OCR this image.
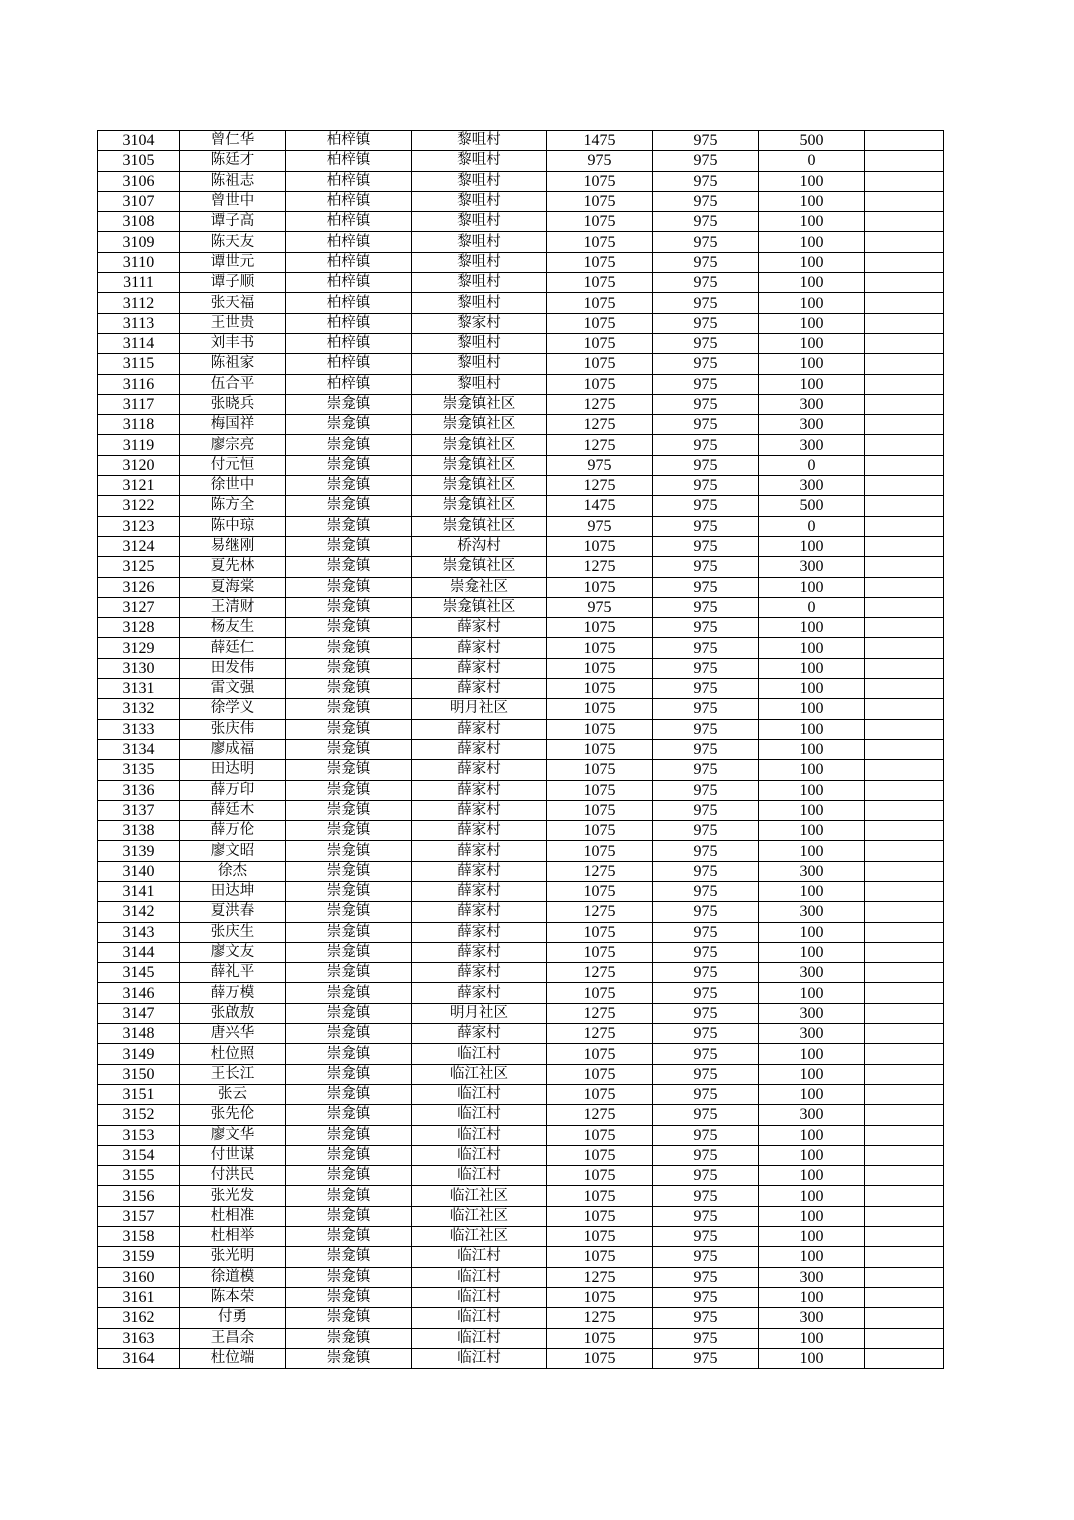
3104	曾仁华	柏梓镇	黎咀村	1475	975	500	
3105	陈廷才	柏梓镇	黎咀村	975	975	0	
3106	陈祖志	柏梓镇	黎咀村	1075	975	100	
3107	曾世中	柏梓镇	黎咀村	1075	975	100	
3108	谭子高	柏梓镇	黎咀村	1075	975	100	
3109	陈天友	柏梓镇	黎咀村	1075	975	100	
3110	谭世元	柏梓镇	黎咀村	1075	975	100	
3111	谭子顺	柏梓镇	黎咀村	1075	975	100	
3112	张天福	柏梓镇	黎咀村	1075	975	100	
3113	王世贵	柏梓镇	黎家村	1075	975	100	
3114	刘丰书	柏梓镇	黎咀村	1075	975	100	
3115	陈祖家	柏梓镇	黎咀村	1075	975	100	
3116	伍合平	柏梓镇	黎咀村	1075	975	100	
3117	张晓兵	崇龛镇	崇龛镇社区	1275	975	300	
3118	梅国祥	崇龛镇	崇龛镇社区	1275	975	300	
3119	廖宗亮	崇龛镇	崇龛镇社区	1275	975	300	
3120	付元恒	崇龛镇	崇龛镇社区	975	975	0	
3121	徐世中	崇龛镇	崇龛镇社区	1275	975	300	
3122	陈方全	崇龛镇	崇龛镇社区	1475	975	500	
3123	陈中琼	崇龛镇	崇龛镇社区	975	975	0	
3124	易继刚	崇龛镇	桥沟村	1075	975	100	
3125	夏先林	崇龛镇	崇龛镇社区	1275	975	300	
3126	夏海棠	崇龛镇	崇龛社区	1075	975	100	
3127	王清财	崇龛镇	崇龛镇社区	975	975	0	
3128	杨友生	崇龛镇	薛家村	1075	975	100	
3129	薛廷仁	崇龛镇	薛家村	1075	975	100	
3130	田发伟	崇龛镇	薛家村	1075	975	100	
3131	雷文强	崇龛镇	薛家村	1075	975	100	
3132	徐学义	崇龛镇	明月社区	1075	975	100	
3133	张庆伟	崇龛镇	薛家村	1075	975	100	
3134	廖成福	崇龛镇	薛家村	1075	975	100	
3135	田达明	崇龛镇	薛家村	1075	975	100	
3136	薛万印	崇龛镇	薛家村	1075	975	100	
3137	薛廷木	崇龛镇	薛家村	1075	975	100	
3138	薛万伦	崇龛镇	薛家村	1075	975	100	
3139	廖文昭	崇龛镇	薛家村	1075	975	100	
3140	徐杰	崇龛镇	薛家村	1275	975	300	
3141	田达坤	崇龛镇	薛家村	1075	975	100	
3142	夏洪春	崇龛镇	薛家村	1275	975	300	
3143	张庆生	崇龛镇	薛家村	1075	975	100	
3144	廖文友	崇龛镇	薛家村	1075	975	100	
3145	薛礼平	崇龛镇	薛家村	1275	975	300	
3146	薛万模	崇龛镇	薛家村	1075	975	100	
3147	张啟敖	崇龛镇	明月社区	1275	975	300	
3148	唐兴华	崇龛镇	薛家村	1275	975	300	
3149	杜位照	崇龛镇	临江村	1075	975	100	
3150	王长江	崇龛镇	临江社区	1075	975	100	
3151	张云	崇龛镇	临江村	1075	975	100	
3152	张先伦	崇龛镇	临江村	1275	975	300	
3153	廖文华	崇龛镇	临江村	1075	975	100	
3154	付世谋	崇龛镇	临江村	1075	975	100	
3155	付洪民	崇龛镇	临江村	1075	975	100	
3156	张光发	崇龛镇	临江社区	1075	975	100	
3157	杜相准	崇龛镇	临江社区	1075	975	100	
3158	杜相举	崇龛镇	临江社区	1075	975	100	
3159	张光明	崇龛镇	临江村	1075	975	100	
3160	徐道模	崇龛镇	临江村	1275	975	300	
3161	陈本荣	崇龛镇	临江村	1075	975	100	
3162	付勇	崇龛镇	临江村	1275	975	300	
3163	王昌余	崇龛镇	临江村	1075	975	100	
3164	杜位端	崇龛镇	临江村	1075	975	100	
